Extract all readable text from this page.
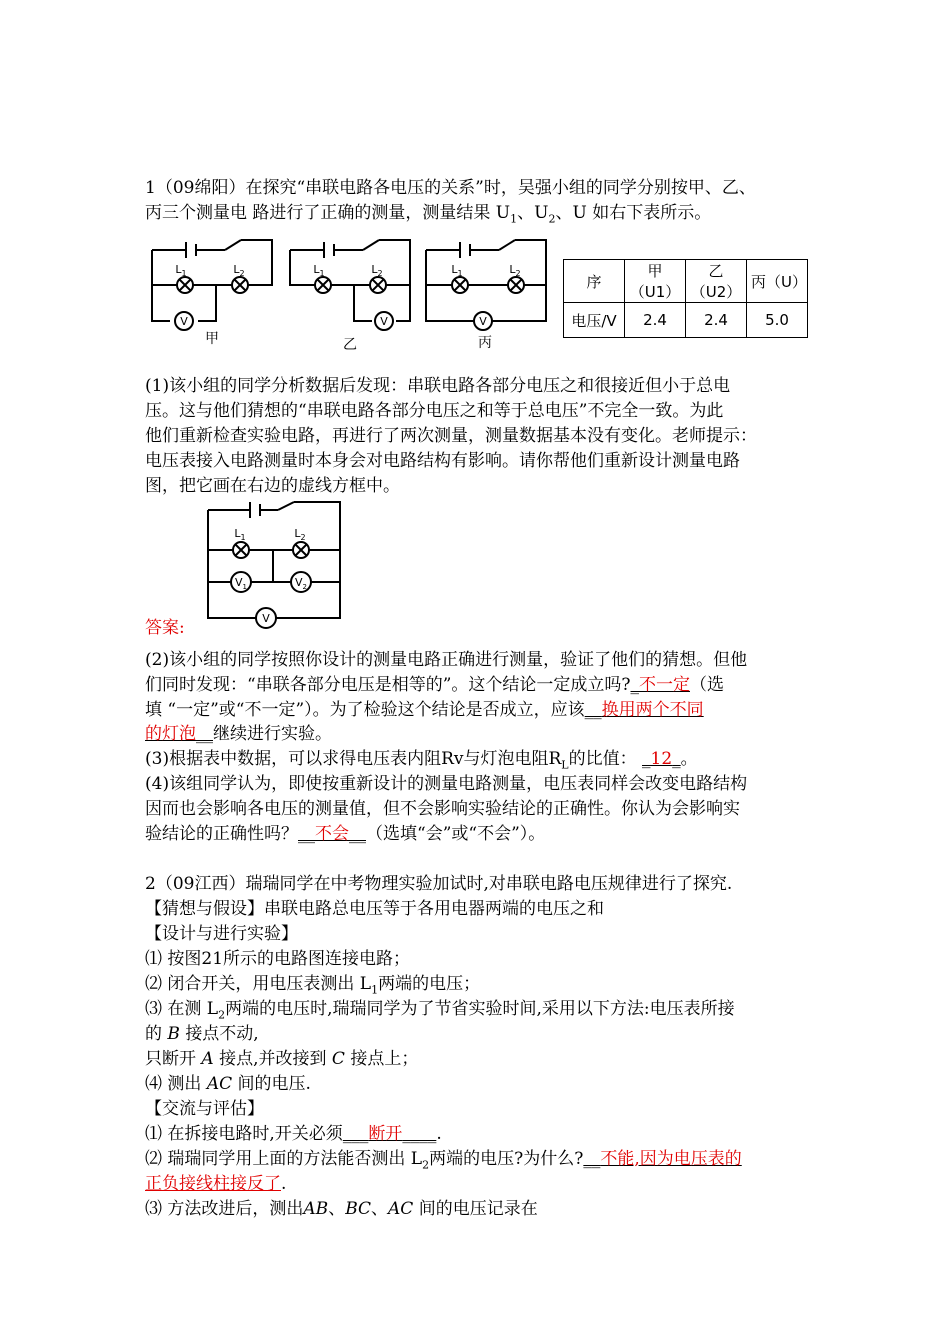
1（09绵阳）在探究“串联电路各电压的关系”时，吴强小组的同学分别按甲、乙、
丙三个测量电 路进行了正确的测量，测量结果 $U_1$、$U_2$、U 如右下表所示。
$L_1$	$L_2$
V
$L_1$	$L_2$
V
$L_1$	$L_2$
V
甲	乙	丙
序	甲（U1）	乙（U2）	丙（U）
电压/V	2.4	2.4	5.0
(1)该小组的同学分析数据后发现：串联电路各部分电压之和很接近但小于总电
压。这与他们猜想的“串联电路各部分电压之和等于总电压”不完全一致。为此
他们重新检查实验电路，再进行了两次测量，测量数据基本没有变化。老师提示：
电压表接入电路测量时本身会对电路结构有影响。请你帮他们重新设计测量电路
图，把它画在右边的虚线方框中。
$L_1$	$L_2$
$V_1$	$V_2$
V
答案:
(2)该小组的同学按照你设计的测量电路正确进行测量，验证了他们的猜想。但他
们同时发现：“串联各部分电压是相等的”。这个结论一定成立吗?_不一定（选
填 “一定”或“不一定”）。为了检验这个结论是否成立，应该__换用两个不同
的灯泡__继续进行实验。
(3)根据表中数据，可以求得电压表内阻Rv与灯泡电阻$R_L$的比值： _12_。
(4)该组同学认为，即使按重新设计的测量电路测量，电压表同样会改变电路结构
因而也会影响各电压的测量值，但不会影响实验结论的正确性。你认为会影响实
验结论的正确性吗？__不会__（选填“会”或“不会”）。
2（09江西）瑞瑞同学在中考物理实验加试时,对串联电路电压规律进行了探究.
【猜想与假设】串联电路总电压等于各用电器两端的电压之和
【设计与进行实验】
⑴ 按图21所示的电路图连接电路；
⑵ 闭合开关，用电压表测出 $L_1$两端的电压；
⑶ 在测 $L_2$两端的电压时,瑞瑞同学为了节省实验时间,采用以下方法:电压表所接
的 B 接点不动,
只断开 A 接点,并改接到 C 接点上；
⑷ 测出 AC 间的电压.
【交流与评估】
⑴ 在拆接电路时,开关必须___断开____.
⑵ 瑞瑞同学用上面的方法能否测出 $L_2$两端的电压?为什么?__不能,因为电压表的
正负接线柱接反了.
⑶ 方法改进后，测出AB、BC、AC 间的电压记录在
